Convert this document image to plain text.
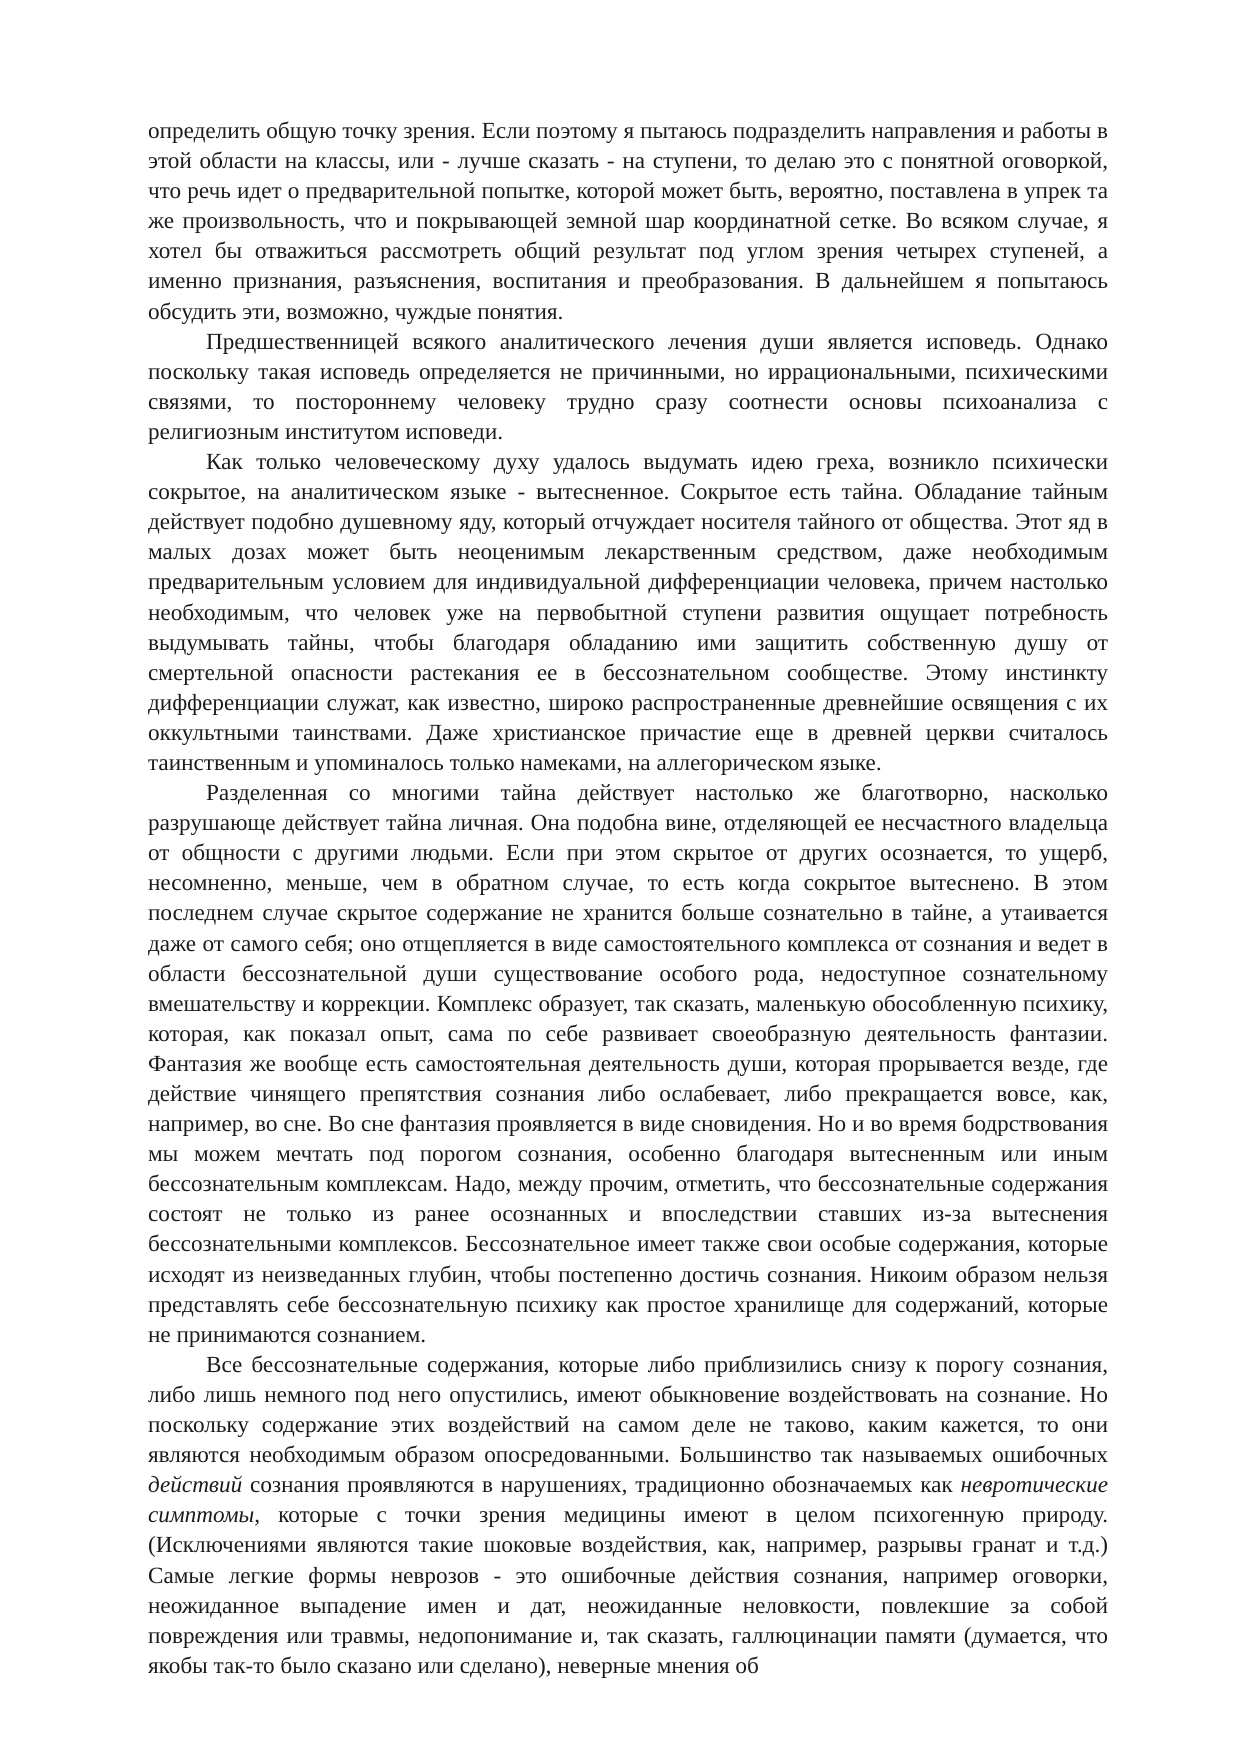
определить общую точку зрения. Если поэтому я пытаюсь подразделить направления и работы в этой области на классы, или - лучше сказать - на ступени, то делаю это с понятной оговоркой, что речь идет о предварительной попытке, которой может быть, вероятно, поставлена в упрек та же произвольность, что и покрывающей земной шар координатной сетке. Во всяком случае, я хотел бы отважиться рассмотреть общий результат под углом зрения четырех ступеней, а именно признания, разъяснения, воспитания и преобразования. В дальнейшем я попытаюсь обсудить эти, возможно, чуждые понятия.

Предшественницей всякого аналитического лечения души является исповедь. Однако поскольку такая исповедь определяется не причинными, но иррациональными, психическими связями, то постороннему человеку трудно сразу соотнести основы психоанализа с религиозным институтом исповеди.

Как только человеческому духу удалось выдумать идею греха, возникло психически сокрытое, на аналитическом языке - вытесненное. Сокрытое есть тайна. Обладание тайным действует подобно душевному яду, который отчуждает носителя тайного от общества. Этот яд в малых дозах может быть неоценимым лекарственным средством, даже необходимым предварительным условием для индивидуальной дифференциации человека, причем настолько необходимым, что человек уже на первобытной ступени развития ощущает потребность выдумывать тайны, чтобы благодаря обладанию ими защитить собственную душу от смертельной опасности растекания ее в бессознательном сообществе. Этому инстинкту дифференциации служат, как известно, широко распространенные древнейшие освящения с их оккультными таинствами. Даже христианское причастие еще в древней церкви считалось таинственным и упоминалось только намеками, на аллегорическом языке.

Разделенная со многими тайна действует настолько же благотворно, насколько разрушающе действует тайна личная. Она подобна вине, отделяющей ее несчастного владельца от общности с другими людьми. Если при этом скрытое от других осознается, то ущерб, несомненно, меньше, чем в обратном случае, то есть когда сокрытое вытеснено. В этом последнем случае скрытое содержание не хранится больше сознательно в тайне, а утаивается даже от самого себя; оно отщепляется в виде самостоятельного комплекса от сознания и ведет в области бессознательной души существование особого рода, недоступное сознательному вмешательству и коррекции. Комплекс образует, так сказать, маленькую обособленную психику, которая, как показал опыт, сама по себе развивает своеобразную деятельность фантазии. Фантазия же вообще есть самостоятельная деятельность души, которая прорывается везде, где действие чинящего препятствия сознания либо ослабевает, либо прекращается вовсе, как, например, во сне. Во сне фантазия проявляется в виде сновидения. Но и во время бодрствования мы можем мечтать под порогом сознания, особенно благодаря вытесненным или иным бессознательным комплексам. Надо, между прочим, отметить, что бессознательные содержания состоят не только из ранее осознанных и впоследствии ставших из-за вытеснения бессознательными комплексов. Бессознательное имеет также свои особые содержания, которые исходят из неизведанных глубин, чтобы постепенно достичь сознания. Никоим образом нельзя представлять себе бессознательную психику как простое хранилище для содержаний, которые не принимаются сознанием.

Все бессознательные содержания, которые либо приблизились снизу к порогу сознания, либо лишь немного под него опустились, имеют обыкновение воздействовать на сознание. Но поскольку содержание этих воздействий на самом деле не таково, каким кажется, то они являются необходимым образом опосредованными. Большинство так называемых ошибочных действий сознания проявляются в нарушениях, традиционно обозначаемых как невротические симптомы, которые с точки зрения медицины имеют в целом психогенную природу. (Исключениями являются такие шоковые воздействия, как, например, разрывы гранат и т.д.) Самые легкие формы неврозов - это ошибочные действия сознания, например оговорки, неожиданное выпадение имен и дат, неожиданные неловкости, повлекшие за собой повреждения или травмы, недопонимание и, так сказать, галлюцинации памяти (думается, что якобы так-то было сказано или сделано), неверные мнения об
